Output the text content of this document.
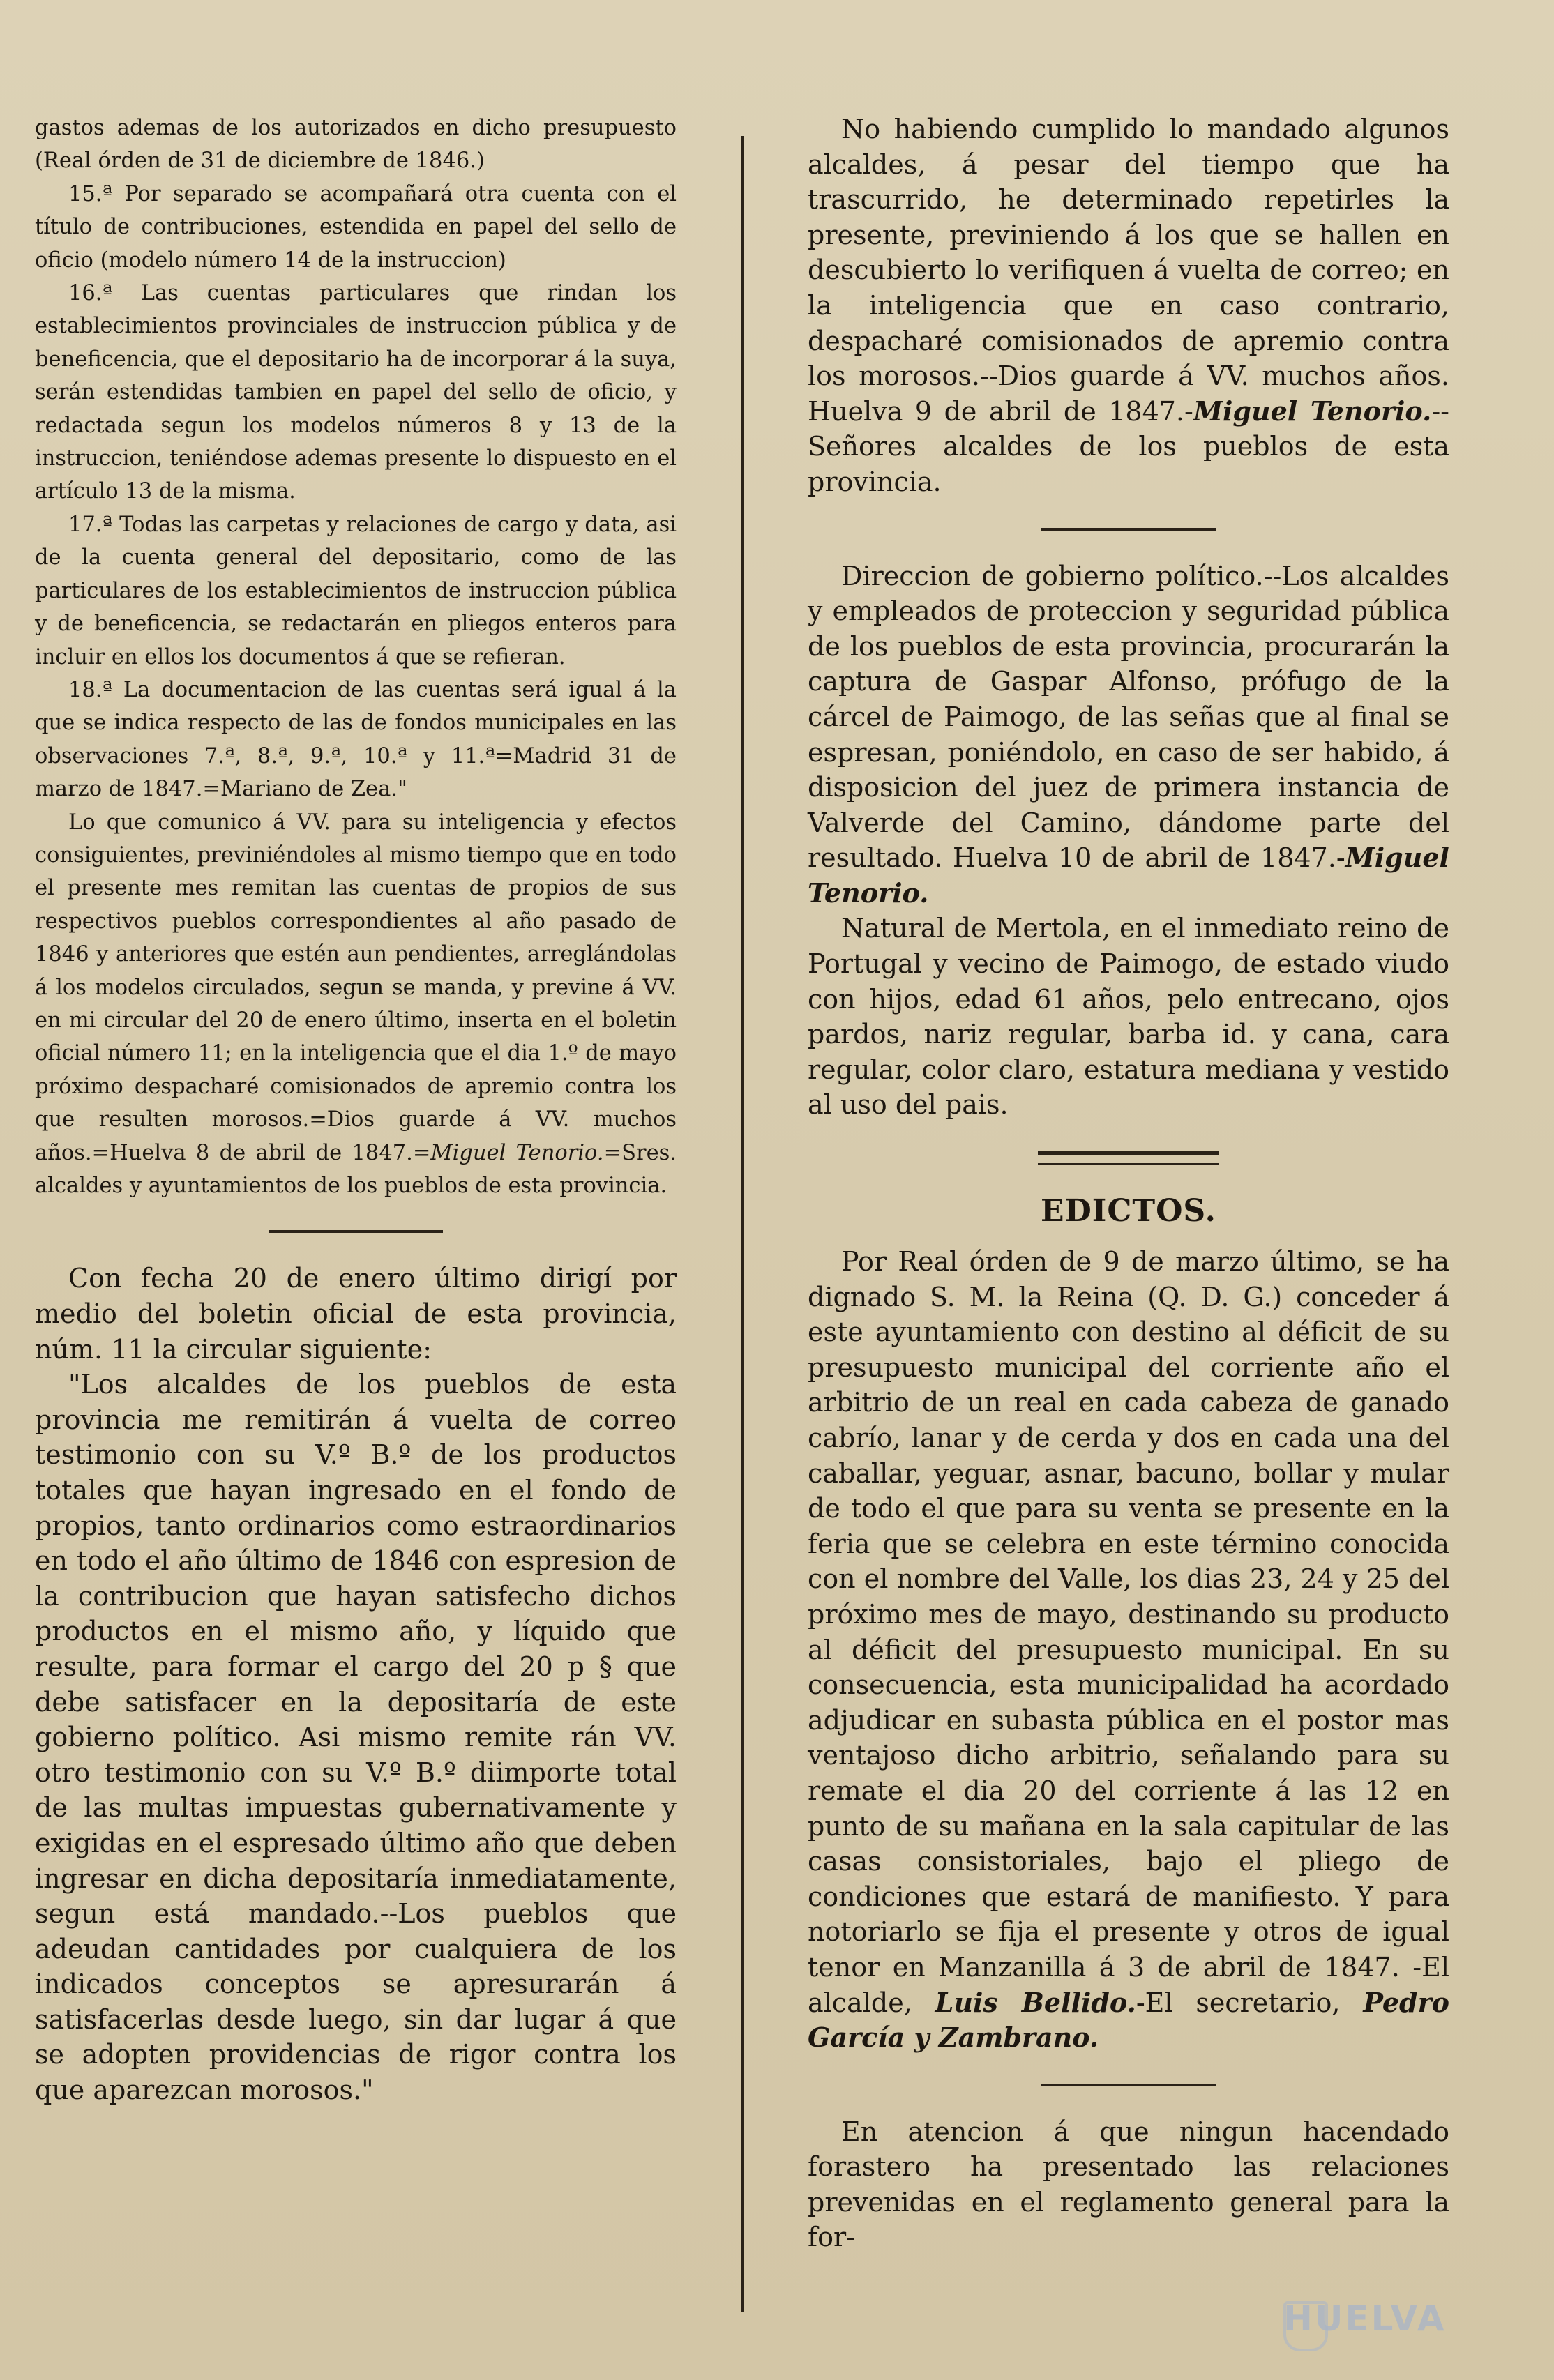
gastos ademas de los autorizados en dicho presupuesto (Real órden de 31 de diciembre de 1846.)

15.ª Por separado se acompañará otra cuenta con el título de contribuciones, estendida en papel del sello de oficio (modelo número 14 de la instruccion)

16.ª Las cuentas particulares que rindan los establecimientos provinciales de instruccion pública y de beneficencia, que el depositario ha de incorporar á la suya, serán estendidas tambien en papel del sello de oficio, y redactada segun los modelos números 8 y 13 de la instruccion, teniéndose ademas presente lo dispuesto en el artículo 13 de la misma.

17.ª Todas las carpetas y relaciones de cargo y data, asi de la cuenta general del depositario, como de las particulares de los establecimientos de instruccion pública y de beneficencia, se redactarán en pliegos enteros para incluir en ellos los documentos á que se refieran.

18.ª La documentacion de las cuentas será igual á la que se indica respecto de las de fondos municipales en las observaciones 7.ª, 8.ª, 9.ª, 10.ª y 11.ª=Madrid 31 de marzo de 1847.=Mariano de Zea."

Lo que comunico á VV. para su inteligencia y efectos consiguientes, previniéndoles al mismo tiempo que en todo el presente mes remitan las cuentas de propios de sus respectivos pueblos correspondientes al año pasado de 1846 y anteriores que estén aun pendientes, arreglándolas á los modelos circulados, segun se manda, y previne á VV. en mi circular del 20 de enero último, inserta en el boletin oficial número 11; en la inteligencia que el dia 1.º de mayo próximo despacharé comisionados de apremio contra los que resulten morosos.=Dios guarde á VV. muchos años.=Huelva 8 de abril de 1847.=Miguel Tenorio.=Sres. alcaldes y ayuntamientos de los pueblos de esta provincia.

Con fecha 20 de enero último dirigí por medio del boletin oficial de esta provincia, núm. 11 la circular siguiente:

"Los alcaldes de los pueblos de esta provincia me remitirán á vuelta de correo testimonio con su V.º B.º de los productos totales que hayan ingresado en el fondo de propios, tanto ordinarios como estraordinarios en todo el año último de 1846 con espresion de la contribucion que hayan satisfecho dichos productos en el mismo año, y líquido que resulte, para formar el cargo del 20 p § que debe satisfacer en la depositaría de este gobierno político. Asi mismo remite rán VV. otro testimonio con su V.º B.º diimporte total de las multas impuestas gubernativamente y exigidas en el espresado último año que deben ingresar en dicha depositaría inmediatamente, segun está mandado.--Los pueblos que adeudan cantidades por cualquiera de los indicados conceptos se apresurarán á satisfacerlas desde luego, sin dar lugar á que se adopten providencias de rigor contra los que aparezcan morosos."

No habiendo cumplido lo mandado algunos alcaldes, á pesar del tiempo que ha trascurrido, he determinado repetirles la presente, previniendo á los que se hallen en descubierto lo verifiquen á vuelta de correo; en la inteligencia que en caso contrario, despacharé comisionados de apremio contra los morosos.--Dios guarde á VV. muchos años. Huelva 9 de abril de 1847.-Miguel Tenorio.--Señores alcaldes de los pueblos de esta provincia.

Direccion de gobierno político.--Los alcaldes y empleados de proteccion y seguridad pública de los pueblos de esta provincia, procurarán la captura de Gaspar Alfonso, prófugo de la cárcel de Paimogo, de las señas que al final se espresan, poniéndolo, en caso de ser habido, á disposicion del juez de primera instancia de Valverde del Camino, dándome parte del resultado. Huelva 10 de abril de 1847.-Miguel Tenorio.

Natural de Mertola, en el inmediato reino de Portugal y vecino de Paimogo, de estado viudo con hijos, edad 61 años, pelo entrecano, ojos pardos, nariz regular, barba id. y cana, cara regular, color claro, estatura mediana y vestido al uso del pais.

EDICTOS.

Por Real órden de 9 de marzo último, se ha dignado S. M. la Reina (Q. D. G.) conceder á este ayuntamiento con destino al déficit de su presupuesto municipal del corriente año el arbitrio de un real en cada cabeza de ganado cabrío, lanar y de cerda y dos en cada una del caballar, yeguar, asnar, bacuno, bollar y mular de todo el que para su venta se presente en la feria que se celebra en este término conocida con el nombre del Valle, los dias 23, 24 y 25 del próximo mes de mayo, destinando su producto al déficit del presupuesto municipal. En su consecuencia, esta municipalidad ha acordado adjudicar en subasta pública en el postor mas ventajoso dicho arbitrio, señalando para su remate el dia 20 del corriente á las 12 en punto de su mañana en la sala capitular de las casas consistoriales, bajo el pliego de condiciones que estará de manifiesto. Y para notoriarlo se fija el presente y otros de igual tenor en Manzanilla á 3 de abril de 1847. -El alcalde, Luis Bellido.-El secretario, Pedro García y Zambrano.

En atencion á que ningun hacendado forastero ha presentado las relaciones prevenidas en el reglamento general para la for-

HUELVA
